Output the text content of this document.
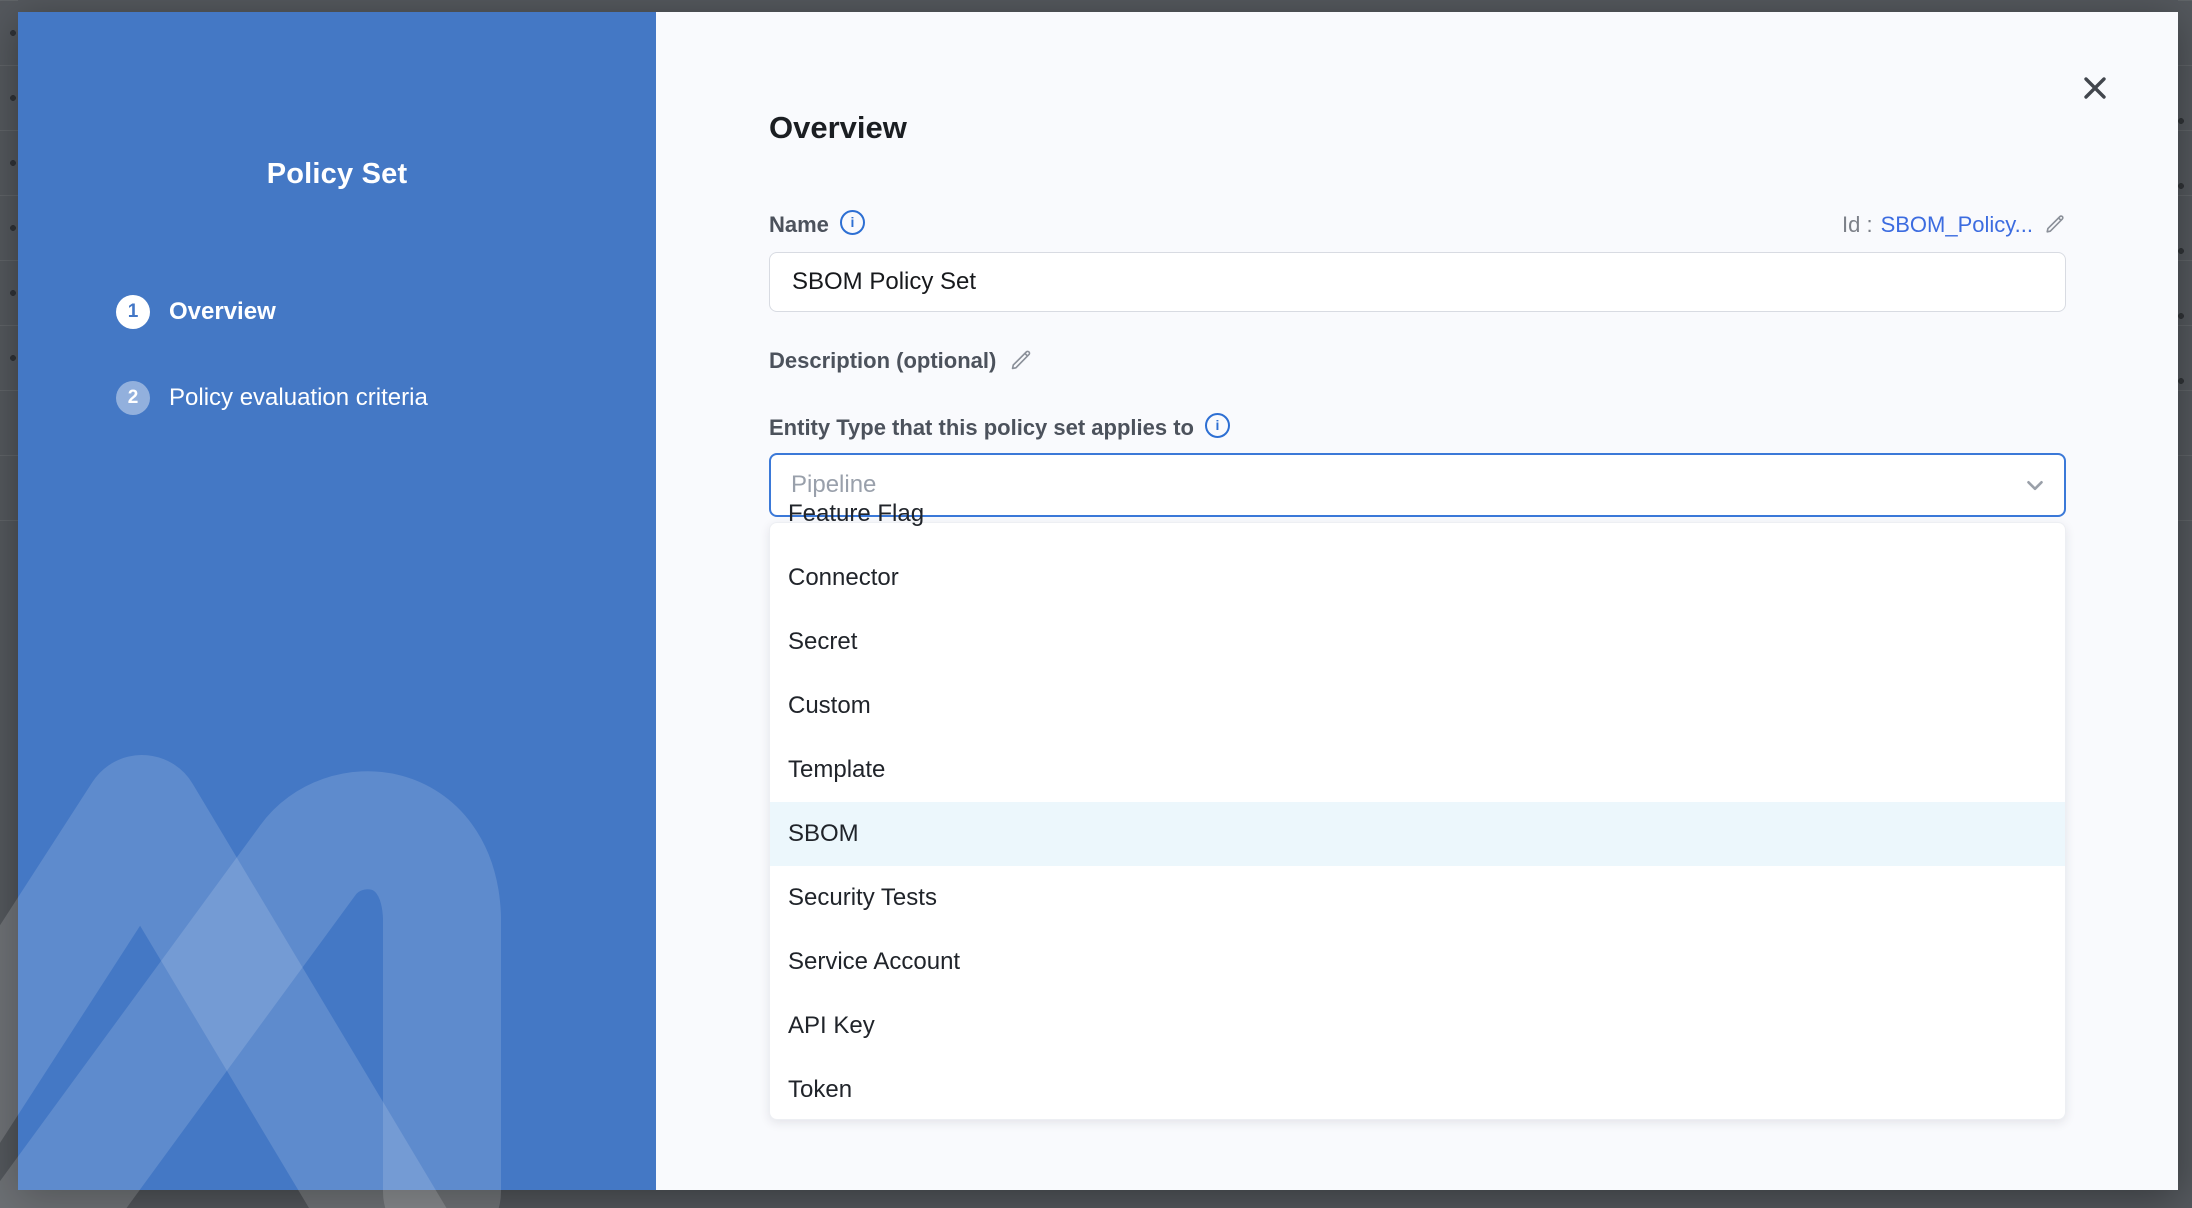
Policy Set
1	Overview
2	Policy evaluation criteria
Overview
Name	i	Id : SBOM_Policy...
SBOM Policy Set
Description (optional)
Entity Type that this policy set applies to	i
Pipeline
Feature Flag
Connector
Secret
Custom
Template
SBOM
Security Tests
Service Account
API Key
Token
